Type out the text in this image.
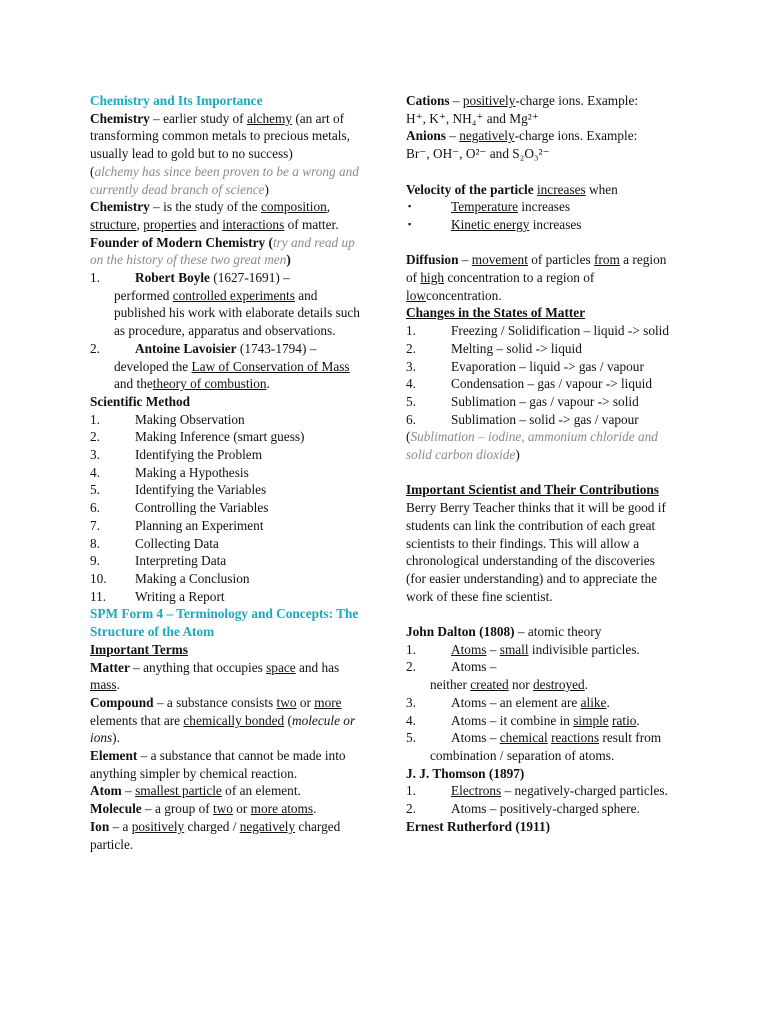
Chemistry and Its Importance

Chemistry – earlier study of alchemy (an art of transforming common metals to precious metals, usually lead to gold but to no success)

(alchemy has since been proven to be a wrong and currently dead branch of science)

Chemistry – is the study of the composition, structure, properties and interactions of matter.

Founder of Modern Chemistry (try and read up on the history of these two great men)

1.	Robert Boyle (1627-1691) –
performed controlled experiments and published his work with elaborate details such as procedure, apparatus and observations.
2.	Antoine Lavoisier (1743-1794) –
developed the Law of Conservation of Mass and thetheory of combustion.

Scientific Method

1.	Making Observation
2.	Making Inference (smart guess)
3.	Identifying the Problem
4.	Making a Hypothesis
5.	Identifying the Variables
6.	Controlling the Variables
7.	Planning an Experiment
8.	Collecting Data
9.	Interpreting Data
10.	Making a Conclusion
11.	Writing a Report

SPM Form 4 – Terminology and Concepts: The Structure of the Atom

Important Terms

Matter – anything that occupies space and has mass.

Compound – a substance consists two or more elements that are chemically bonded (molecule or ions).

Element – a substance that cannot be made into anything simpler by chemical reaction.

Atom – smallest particle of an element.

Molecule – a group of two or more atoms.

Ion – a positively charged / negatively charged particle.

Cations – positively-charge ions. Example:

H⁺, K⁺, NH₄⁺ and Mg²⁺

Anions – negatively-charge ions. Example:

Br⁻, OH⁻, O²⁻ and S₂O₃²⁻

Velocity of the particle increases when

▪	Temperature increases
▪	Kinetic energy increases

Diffusion – movement of particles from a region of high concentration to a region of lowconcentration.

Changes in the States of Matter

1.	Freezing / Solidification – liquid -> solid
2.	Melting – solid -> liquid
3.	Evaporation – liquid -> gas / vapour
4.	Condensation – gas / vapour -> liquid
5.	Sublimation – gas / vapour -> solid
6.	Sublimation – solid -> gas / vapour

(Sublimation – iodine, ammonium chloride and solid carbon dioxide)

Important Scientist and Their Contributions

Berry Berry Teacher thinks that it will be good if students can link the contribution of each great scientists to their findings. This will allow a chronological understanding of the discoveries (for easier understanding) and to appreciate the work of these fine scientist.

John Dalton (1808) – atomic theory

1.	Atoms – small indivisible particles.
2.	Atoms –
neither created nor destroyed.
3.	Atoms – an element are alike.
4.	Atoms – it combine in simple ratio.
5.	Atoms – chemical reactions result from combination / separation of atoms.

J. J. Thomson (1897)

1.	Electrons – negatively-charged particles.
2.	Atoms – positively-charged sphere.

Ernest Rutherford (1911)
